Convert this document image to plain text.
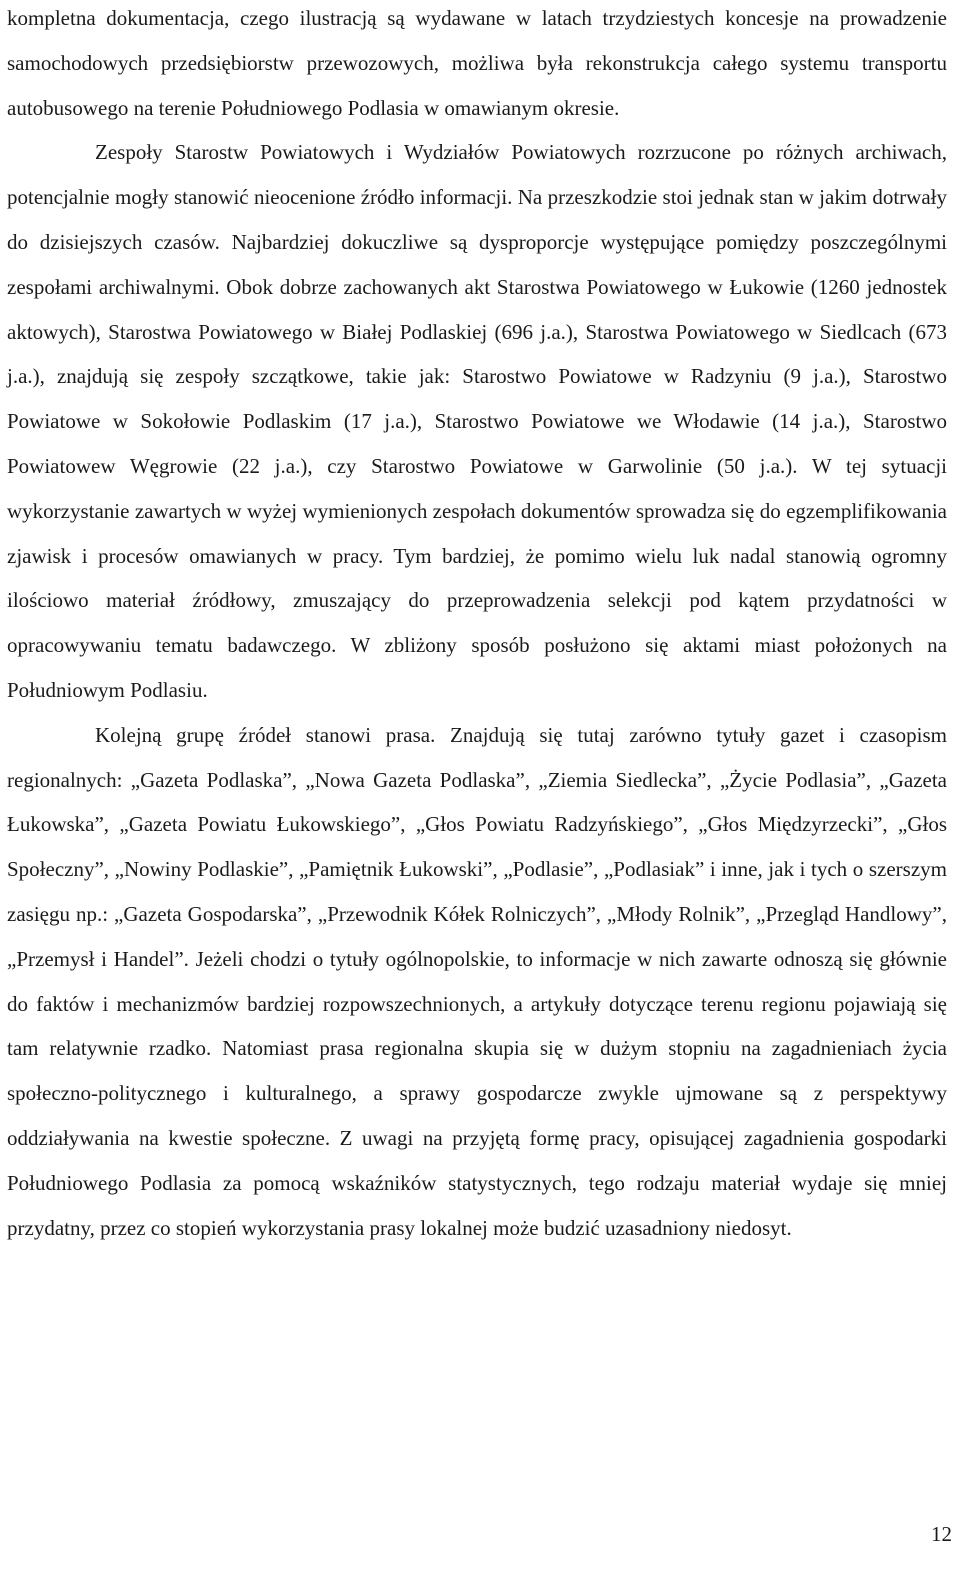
kompletna dokumentacja, czego ilustracją są wydawane w latach trzydziestych koncesje na prowadzenie samochodowych przedsiębiorstw przewozowych, możliwa była rekonstrukcja całego systemu transportu autobusowego na terenie Południowego Podlasia w omawianym okresie.

Zespoły Starostw Powiatowych i Wydziałów Powiatowych rozrzucone po różnych archiwach, potencjalnie mogły stanowić nieocenione źródło informacji. Na przeszkodzie stoi jednak stan w jakim dotrwały do dzisiejszych czasów. Najbardziej dokuczliwe są dysproporcje występujące pomiędzy poszczególnymi zespołami archiwalnymi. Obok dobrze zachowanych akt Starostwa Powiatowego w Łukowie (1260 jednostek aktowych), Starostwa Powiatowego w Białej Podlaskiej (696 j.a.), Starostwa Powiatowego w Siedlcach (673 j.a.), znajdują się zespoły szczątkowe, takie jak: Starostwo Powiatowe w Radzyniu (9 j.a.), Starostwo Powiatowe w Sokołowie Podlaskim (17 j.a.), Starostwo Powiatowe we Włodawie (14 j.a.), Starostwo Powiatowew Węgrowie (22 j.a.), czy Starostwo Powiatowe w Garwolinie (50 j.a.). W tej sytuacji wykorzystanie zawartych w wyżej wymienionych zespołach dokumentów sprowadza się do egzemplifikowania zjawisk i procesów omawianych w pracy. Tym bardziej, że pomimo wielu luk nadal stanowią ogromny ilościowo materiał źródłowy, zmuszający do przeprowadzenia selekcji pod kątem przydatności w opracowywaniu tematu badawczego. W zbliżony sposób posłużono się aktami miast położonych na Południowym Podlasiu.

Kolejną grupę źródeł stanowi prasa. Znajdują się tutaj zarówno tytuły gazet i czasopism regionalnych: „Gazeta Podlaska”, „Nowa Gazeta Podlaska”, „Ziemia Siedlecka”, „Życie Podlasia”, „Gazeta Łukowska”, „Gazeta Powiatu Łukowskiego”, „Głos Powiatu Radzyńskiego”, „Głos Międzyrzecki”, „Głos Społeczny”, „Nowiny Podlaskie”, „Pamiętnik Łukowski”, „Podlasie”, „Podlasiak” i inne, jak i tych o szerszym zasięgu np.: „Gazeta Gospodarska”, „Przewodnik Kółek Rolniczych”, „Młody Rolnik”, „Przegląd Handlowy”, „Przemysł i Handel”. Jeżeli chodzi o tytuły ogólnopolskie, to informacje w nich zawarte odnoszą się głównie do faktów i mechanizmów bardziej rozpowszechnionych, a artykuły dotyczące terenu regionu pojawiają się tam relatywnie rzadko. Natomiast prasa regionalna skupia się w dużym stopniu na zagadnieniach życia społeczno-politycznego i kulturalnego, a sprawy gospodarcze zwykle ujmowane są z perspektywy oddziaływania na kwestie społeczne. Z uwagi na przyjętą formę pracy, opisującej zagadnienia gospodarki Południowego Podlasia za pomocą wskaźników statystycznych, tego rodzaju materiał wydaje się mniej przydatny, przez co stopień wykorzystania prasy lokalnej może budzić uzasadniony niedosyt.

12
